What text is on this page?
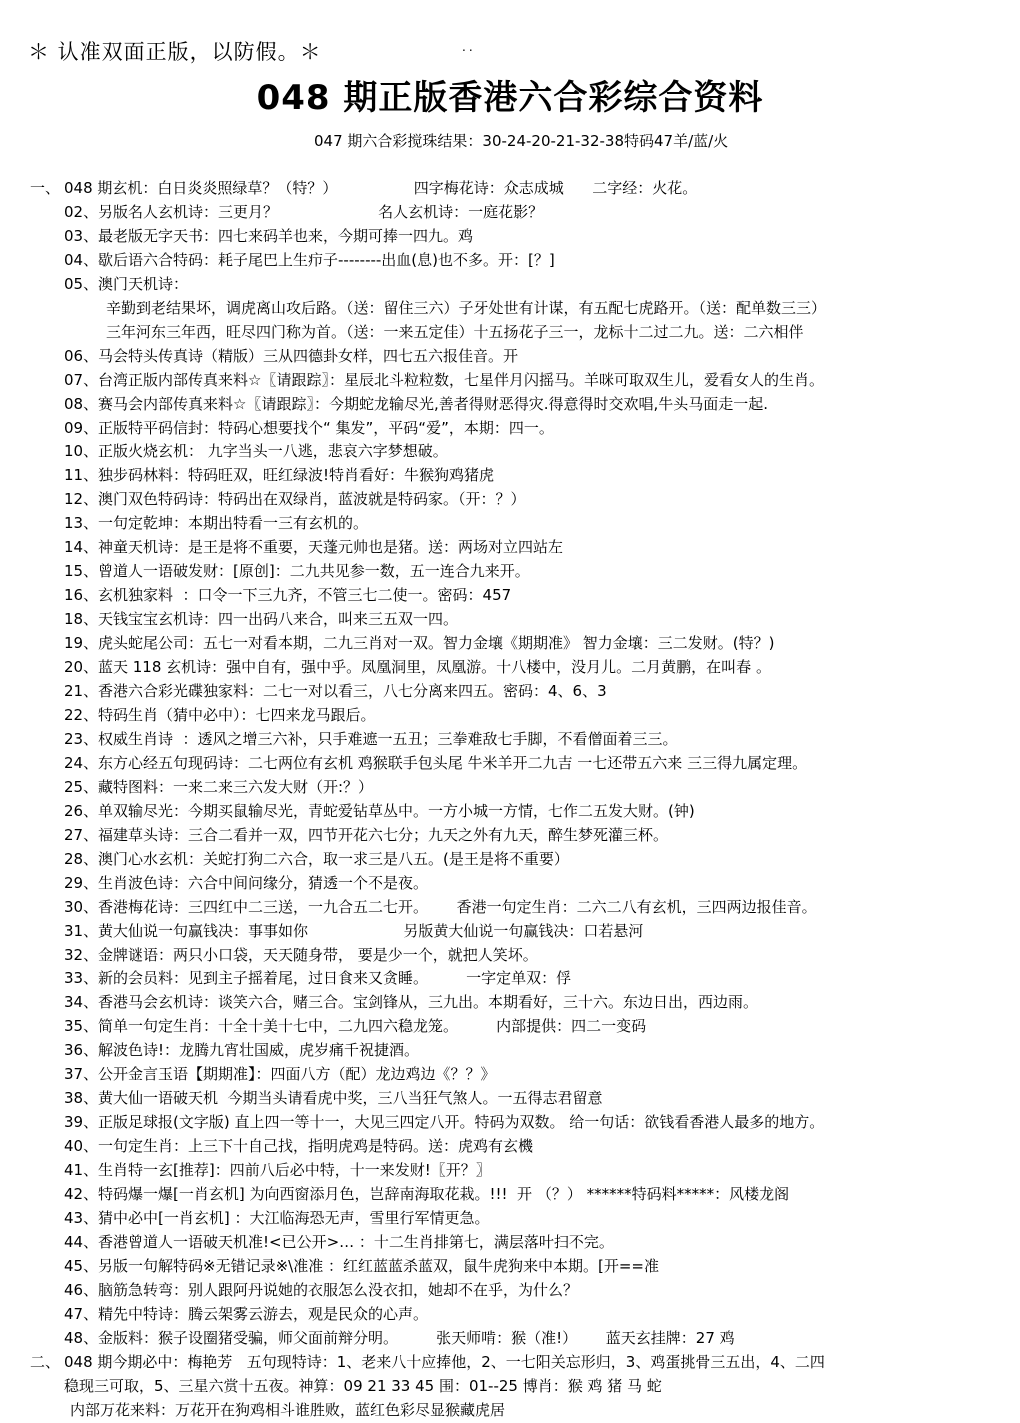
＊ 认准双面正版，以防假。＊	..
048 期正版香港六合彩综合资料
047 期六合彩搅珠结果：30-24-20-21-32-38特码47羊/蓝/火
一、 048 期玄机：白日炎炎照绿草？（特？）                四字梅花诗：众志成城      二字经：火花。
02、另版名人玄机诗：三更月？                     名人玄机诗：一庭花影？
03、最老版无字天书：四七来码羊也来，今期可捧一四九。鸡
04、歇后语六合特码：耗子尾巴上生疖子--------出血(息)也不多。开：[？]
05、澳门天机诗：
辛勤到老结果坏，调虎离山攻后路。（送：留住三六）子牙处世有计谋，有五配七虎路开。（送：配单数三三）
三年河东三年西，旺尽四门称为首。（送：一来五定佳）十五扬花子三一，龙标十二过二九。送：二六相伴
06、马会特头传真诗（精版）三从四德卦女样，四七五六报佳音。开
07、台湾正版内部传真来料☆〖请跟踪〗：星辰北斗粒粒数，七星伴月闪摇马。羊咪可取双生儿，爱看女人的生肖。
08、赛马会内部传真来料☆〖请跟踪〗：今期蛇龙输尽光,善者得财恶得灾.得意得时交欢唱,牛头马面走一起.
09、正版特平码信封：特码心想要找个“ 集发”，平码“爱”，本期：四一。
10、正版火烧玄机： 九字当头一八逃，悲哀六字梦想破。
11、独步码林料：特码旺双，旺红绿波!特肖看好：牛猴狗鸡猪虎
12、澳门双色特码诗：特码出在双绿肖，蓝波就是特码家。（开：？）
13、一句定乾坤：本期出特看一三有玄机的。
14、神童天机诗：是王是将不重要，天蓬元帅也是猪。送：两场对立四站左
15、曾道人一语破发财：[原创]：二九共见参一数，五一连合九来开。
16、玄机独家料  ：口令一下三九齐，不管三七二使一。密码：457
18、天钱宝宝玄机诗：四一出码八来合，叫来三五双一四。
19、虎头蛇尾公司：五七一对看本期，二九三肖对一双。智力金壤《期期准》 智力金壤：三二发财。(特？)
20、蓝天 118 玄机诗：强中自有，强中乎。凤凰洞里，凤凰游。十八楼中，没月儿。二月黄鹏，在叫春 。
21、香港六合彩光碟独家料：二七一对以看三，八七分离来四五。密码：4、6、3
22、特码生肖（猜中必中）：七四来龙马跟后。
23、权威生肖诗  ：透风之增三六补，只手难遮一五丑；三拳难敌七手脚，不看僧面着三三。
24、东方心经五句现码诗：二七两位有玄机 鸡猴联手包头尾 牛米羊开二九吉 一七还带五六来 三三得九属定理。
25、藏特图料：一来二来三六发大财（开:？）
26、单双输尽光：今期买鼠输尽光，青蛇爱钻草丛中。一方小城一方情，七作二五发大财。(钟)
27、福建草头诗：三合二看并一双，四节开花六七分；九天之外有九天，醉生梦死灌三杯。
28、澳门心水玄机：关蛇打狗二六合，取一求三是八五。(是王是将不重要）
29、生肖波色诗：六合中间问缘分，猜透一个不是夜。
30、香港梅花诗：三四红中二三送，一九合五二七开。      香港一句定生肖：二六二八有玄机，三四两边报佳音。
31、黄大仙说一句赢钱决：事事如你                    另版黄大仙说一句赢钱决：口若悬河
32、金牌谜语：两只小口袋，天天随身带， 要是少一个，就把人笑坏。
33、新的会员料：见到主子摇着尾，过日食来又贪睡。        一字定单双：俘
34、香港马会玄机诗：谈笑六合，赌三合。宝剑锋从，三九出。本期看好，三十六。东边日出，西边雨。
35、简单一句定生肖：十全十美十七中，二九四六稳龙笼。        内部提供：四二一变码
36、解波色诗!：龙腾九宵壮国威，虎岁痛千祝捷酒。
37、公开金言玉语【期期准】：四面八方（配）龙边鸡边《？？》
38、黄大仙一语破天机  今期当头请看虎中奖，三八当狂气煞人。一五得志君留意
39、正版足球报(文字版) 直上四一等十一，大见三四定八开。特码为双数。 给一句话：欲钱看香港人最多的地方。
40、一句定生肖：上三下十自己找，指明虎鸡是特码。送：虎鸡有玄機
41、生肖特一玄[推荐]：四前八后必中特，十一来发财!〖开？〗
42、特码爆一爆[一肖玄机] 为向西窗添月色，岂辞南海取花栽。!!!  开 （？） ******特码料*****：风楼龙阁
43、猜中必中[一肖玄机] ：大江临海恐无声，雪里行军情更急。
44、香港曾道人一语破天机准!<已公开>… ：十二生肖排第七，满层落叶扫不完。
45、另版一句解特码※无错记录※\准准 ：红红蓝蓝杀蓝双，鼠牛虎狗来中本期。[开==准
46、脑筋急转弯：别人跟阿丹说她的衣服怎么没衣扣，她却不在乎，为什么？
47、精先中特诗：腾云架雾云游去，观是民众的心声。
48、金版料：猴子设圈猪受骗，师父面前辩分明。        张天师啃：猴（准!）      蓝天玄挂牌：27 鸡
二、 048 期今期必中：梅艳芳   五句现特诗：1、老来八十应捧他，2、一七阳关忘形归，3、鸡蛋挑骨三五出，4、二四
稳现三可取，5、三星六赏十五夜。神算：09 21 33 45 围：01--25 博肖：猴 鸡 猪 马 蛇
内部万花来料：万花开在狗鸡相斗谁胜败，蓝红色彩尽显猴藏虎居
